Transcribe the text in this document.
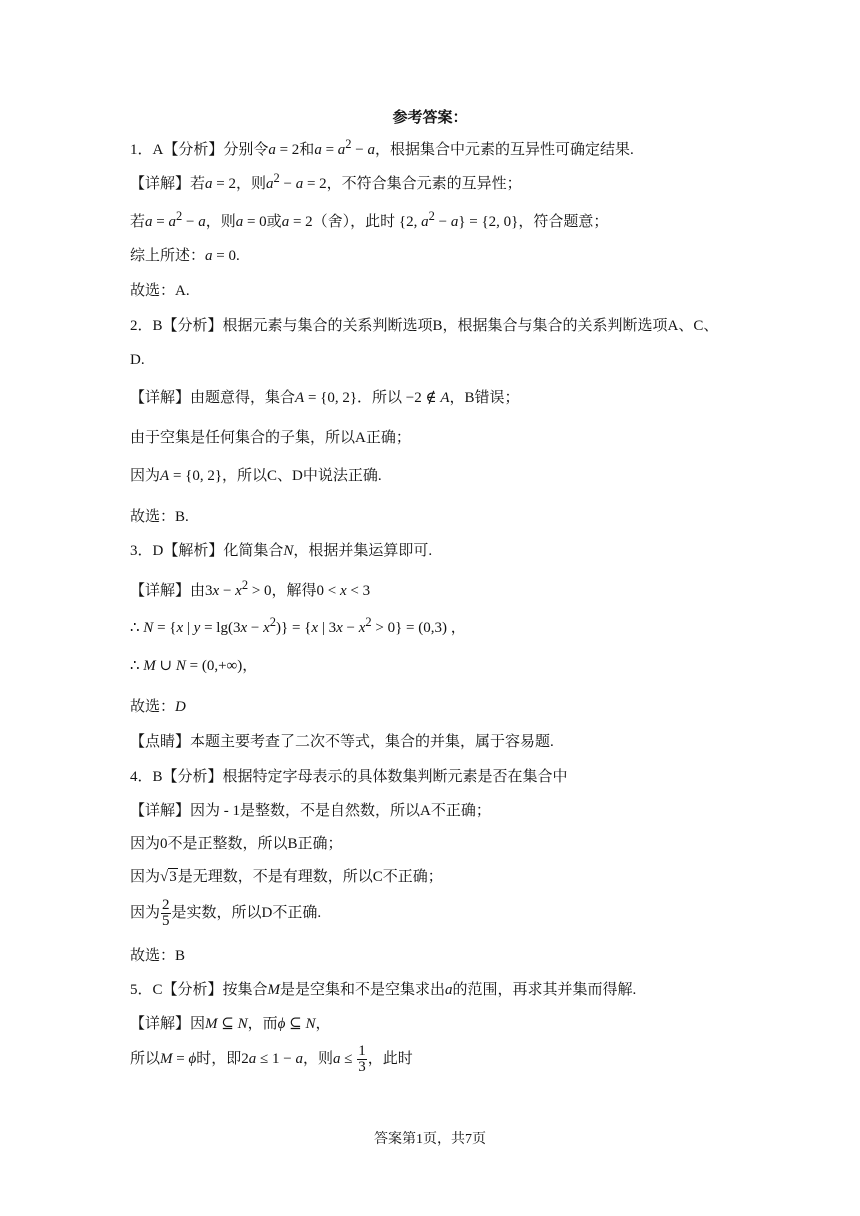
参考答案：
1．A【分析】分别令a = 2和$a = a^2 - a$，根据集合中元素的互异性可确定结果.
【详解】若a = 2，则$a^2 - a = 2$，不符合集合元素的互异性；
若$a = a^2 - a$，则a = 0或a = 2（舍），此时 {2, $a^2 - a\} = \{2$, 0}，符合题意；
综上所述：a = 0.
故选：A.
2．B【分析】根据元素与集合的关系判断选项B，根据集合与集合的关系判断选项A、C、
D.
【详解】由题意得，集合A = {0, 2}．所以 −2 ∉ A，B错误；
由于空集是任何集合的子集，所以A正确；
因为A = {0, 2}，所以C、D中说法正确.
故选：B.
3．D【解析】化简集合N，根据并集运算即可.
【详解】由$3x - x^2 > 0$，解得0 < x < 3
∴ N = {x | $y = \lg(3x - x^2)\} = \{x$ | $3x - x^2 > 0\} = (0,3)$ ，
∴ M ∪ N = (0,+∞)，
故选：D
【点睛】本题主要考查了二次不等式，集合的并集，属于容易题.
4．B【分析】根据特定字母表示的具体数集判断元素是否在集合中
【详解】因为 - 1是整数，不是自然数，所以A不正确；
因为0不是正整数，所以B正确；
因为√3是无理数，不是有理数，所以C不正确；
因为 $\frac{2}{5}$ 是实数，所以D不正确.
故选：B
5．C【分析】按集合M是是空集和不是空集求出a的范围，再求其并集而得解.
【详解】因M ⊆ N，而ϕ ⊆ N，
所以M = ϕ时，即2a ≤ 1 − a，则$a \le \frac{1}{3}$ ，此时
答案第1页，共7页
